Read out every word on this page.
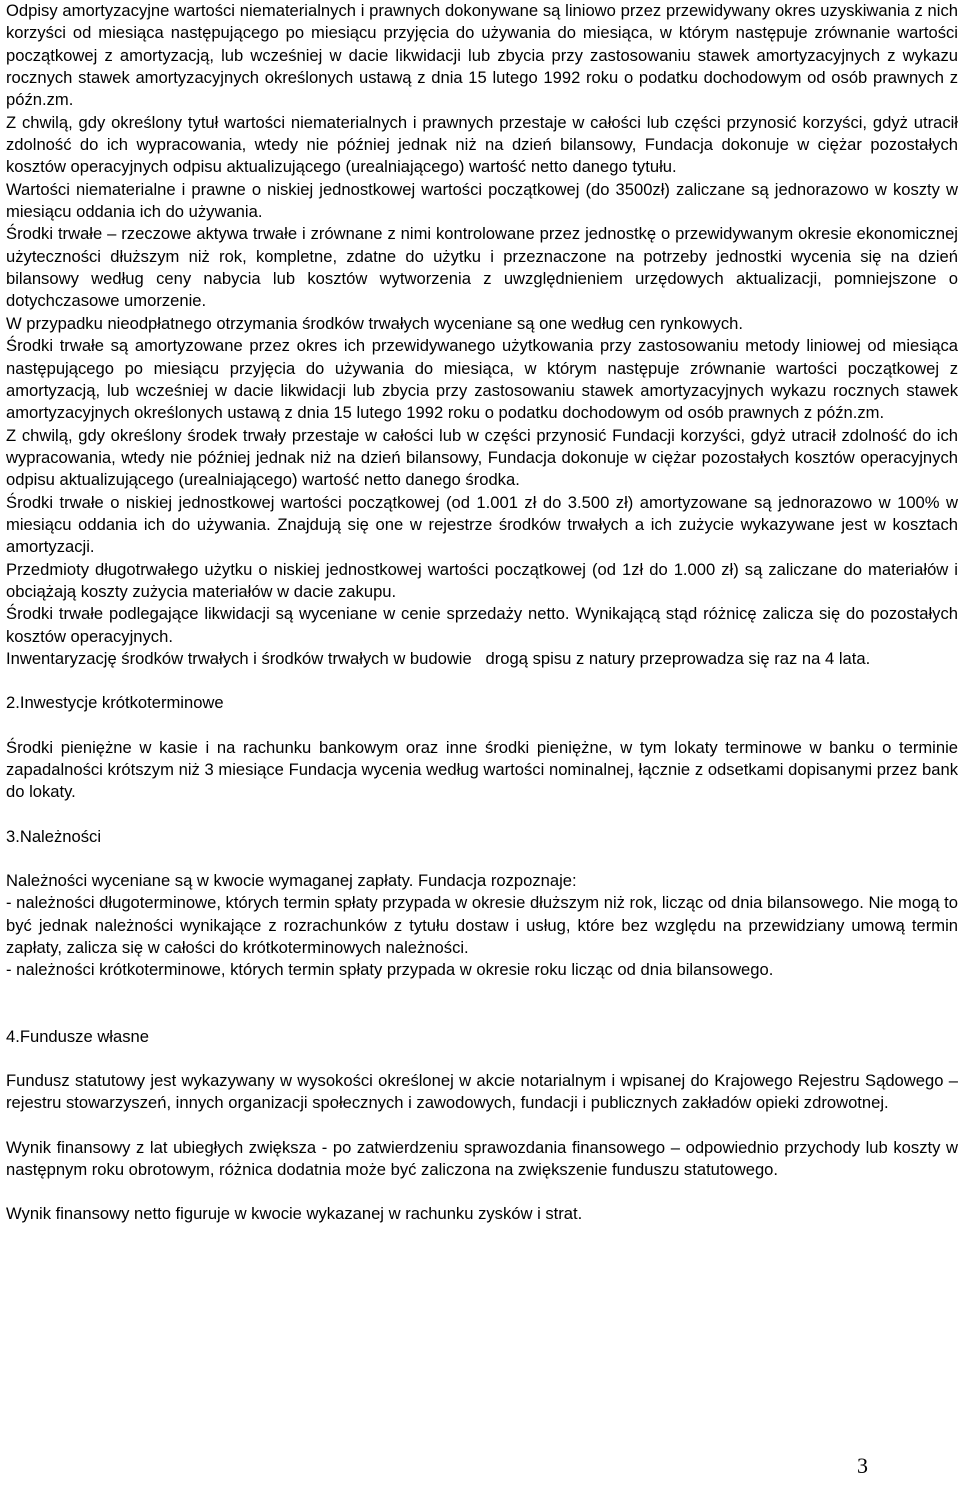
Odpisy amortyzacyjne wartości niematerialnych i prawnych dokonywane są liniowo przez przewidywany okres uzyskiwania z nich korzyści od miesiąca następującego po miesiącu przyjęcia do używania do miesiąca, w którym następuje zrównanie wartości początkowej z amortyzacją, lub wcześniej w dacie likwidacji lub zbycia przy zastosowaniu stawek amortyzacyjnych z wykazu rocznych stawek amortyzacyjnych określonych ustawą z dnia 15 lutego 1992 roku o podatku dochodowym od osób prawnych z późn.zm.

Z chwilą, gdy określony tytuł wartości niematerialnych i prawnych przestaje w całości lub części przynosić korzyści, gdyż utracił zdolność do ich wypracowania, wtedy nie później jednak niż na dzień bilansowy, Fundacja dokonuje w ciężar pozostałych kosztów operacyjnych odpisu aktualizującego (urealniającego) wartość netto danego tytułu.

Wartości niematerialne i prawne o niskiej jednostkowej wartości początkowej (do 3500zł) zaliczane są jednorazowo w koszty w miesiącu oddania ich do używania.

Środki trwałe – rzeczowe aktywa trwałe i zrównane z nimi kontrolowane przez jednostkę o przewidywanym okresie ekonomicznej użyteczności dłuższym niż rok, kompletne, zdatne do użytku i przeznaczone na potrzeby jednostki wycenia się na dzień bilansowy według ceny nabycia lub kosztów wytworzenia z uwzględnieniem urzędowych aktualizacji, pomniejszone o dotychczasowe umorzenie.

W przypadku nieodpłatnego otrzymania środków trwałych wyceniane są one według cen rynkowych.

Środki trwałe są amortyzowane przez okres ich przewidywanego użytkowania przy zastosowaniu metody liniowej od miesiąca następującego po miesiącu przyjęcia do używania do miesiąca, w którym następuje zrównanie wartości początkowej z amortyzacją, lub wcześniej w dacie likwidacji lub zbycia przy zastosowaniu stawek amortyzacyjnych wykazu rocznych stawek amortyzacyjnych określonych ustawą z dnia 15 lutego 1992 roku o podatku dochodowym od osób prawnych z późn.zm.

Z chwilą, gdy określony środek trwały przestaje w całości lub w części przynosić Fundacji korzyści, gdyż utracił zdolność do ich wypracowania, wtedy nie później jednak niż na dzień bilansowy, Fundacja dokonuje w ciężar pozostałych kosztów operacyjnych odpisu aktualizującego (urealniającego) wartość netto danego środka.

Środki trwałe o niskiej jednostkowej wartości początkowej (od 1.001 zł do 3.500 zł) amortyzowane są jednorazowo w 100% w miesiącu oddania ich do używania. Znajdują się one w rejestrze środków trwałych a ich zużycie wykazywane jest w kosztach amortyzacji.

Przedmioty długotrwałego użytku o niskiej jednostkowej wartości początkowej (od 1zł do 1.000 zł) są zaliczane do materiałów i obciążają koszty zużycia materiałów w dacie zakupu.

Środki trwałe podlegające likwidacji są wyceniane w cenie sprzedaży netto. Wynikającą stąd różnicę zalicza się do pozostałych kosztów operacyjnych.

Inwentaryzację środków trwałych i środków trwałych w budowie   drogą spisu z natury przeprowadza się raz na 4 lata.

2.Inwestycje krótkoterminowe

Środki pieniężne w kasie i na rachunku bankowym oraz inne środki pieniężne, w tym lokaty terminowe w banku o terminie zapadalności krótszym niż 3 miesiące Fundacja wycenia według wartości nominalnej, łącznie z odsetkami dopisanymi przez bank do lokaty.

3.Należności

Należności wyceniane są w kwocie wymaganej zapłaty. Fundacja rozpoznaje:

- należności długoterminowe, których termin spłaty przypada w okresie dłuższym niż rok, licząc od dnia bilansowego. Nie mogą to być jednak należności wynikające z rozrachunków z tytułu dostaw i usług, które bez względu na przewidziany umową termin zapłaty, zalicza się w całości do krótkoterminowych należności.

- należności krótkoterminowe, których termin spłaty przypada w okresie roku licząc od dnia bilansowego.

4.Fundusze własne

Fundusz statutowy jest wykazywany w wysokości określonej w akcie notarialnym i wpisanej do Krajowego Rejestru Sądowego – rejestru stowarzyszeń, innych organizacji społecznych i zawodowych, fundacji i publicznych zakładów opieki zdrowotnej.

Wynik finansowy z lat ubiegłych zwiększa - po zatwierdzeniu sprawozdania finansowego – odpowiednio przychody lub koszty w następnym roku obrotowym, różnica dodatnia może być zaliczona na zwiększenie funduszu statutowego.

Wynik finansowy netto figuruje w kwocie wykazanej w rachunku zysków i strat.

3
